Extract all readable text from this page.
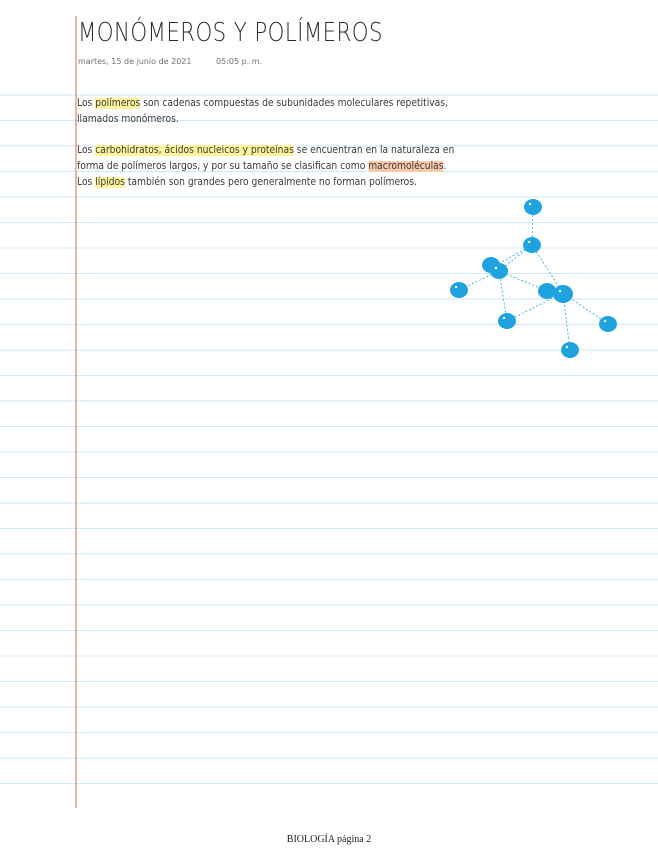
MONÓMEROS Y POLÍMEROS
martes, 15 de junio de 2021	05:05 p. m.
Los polímeros son cadenas compuestas de subunidades moleculares repetitivas, llamados monómeros.
Los carbohidratos, ácidos nucleicos y proteínas se encuentran en la naturaleza en forma de polímeros largos, y por su tamaño se clasifican como macromoléculas. Los lípidos también son grandes pero generalmente no forman polímeros.
BIOLOGÍA página 2
